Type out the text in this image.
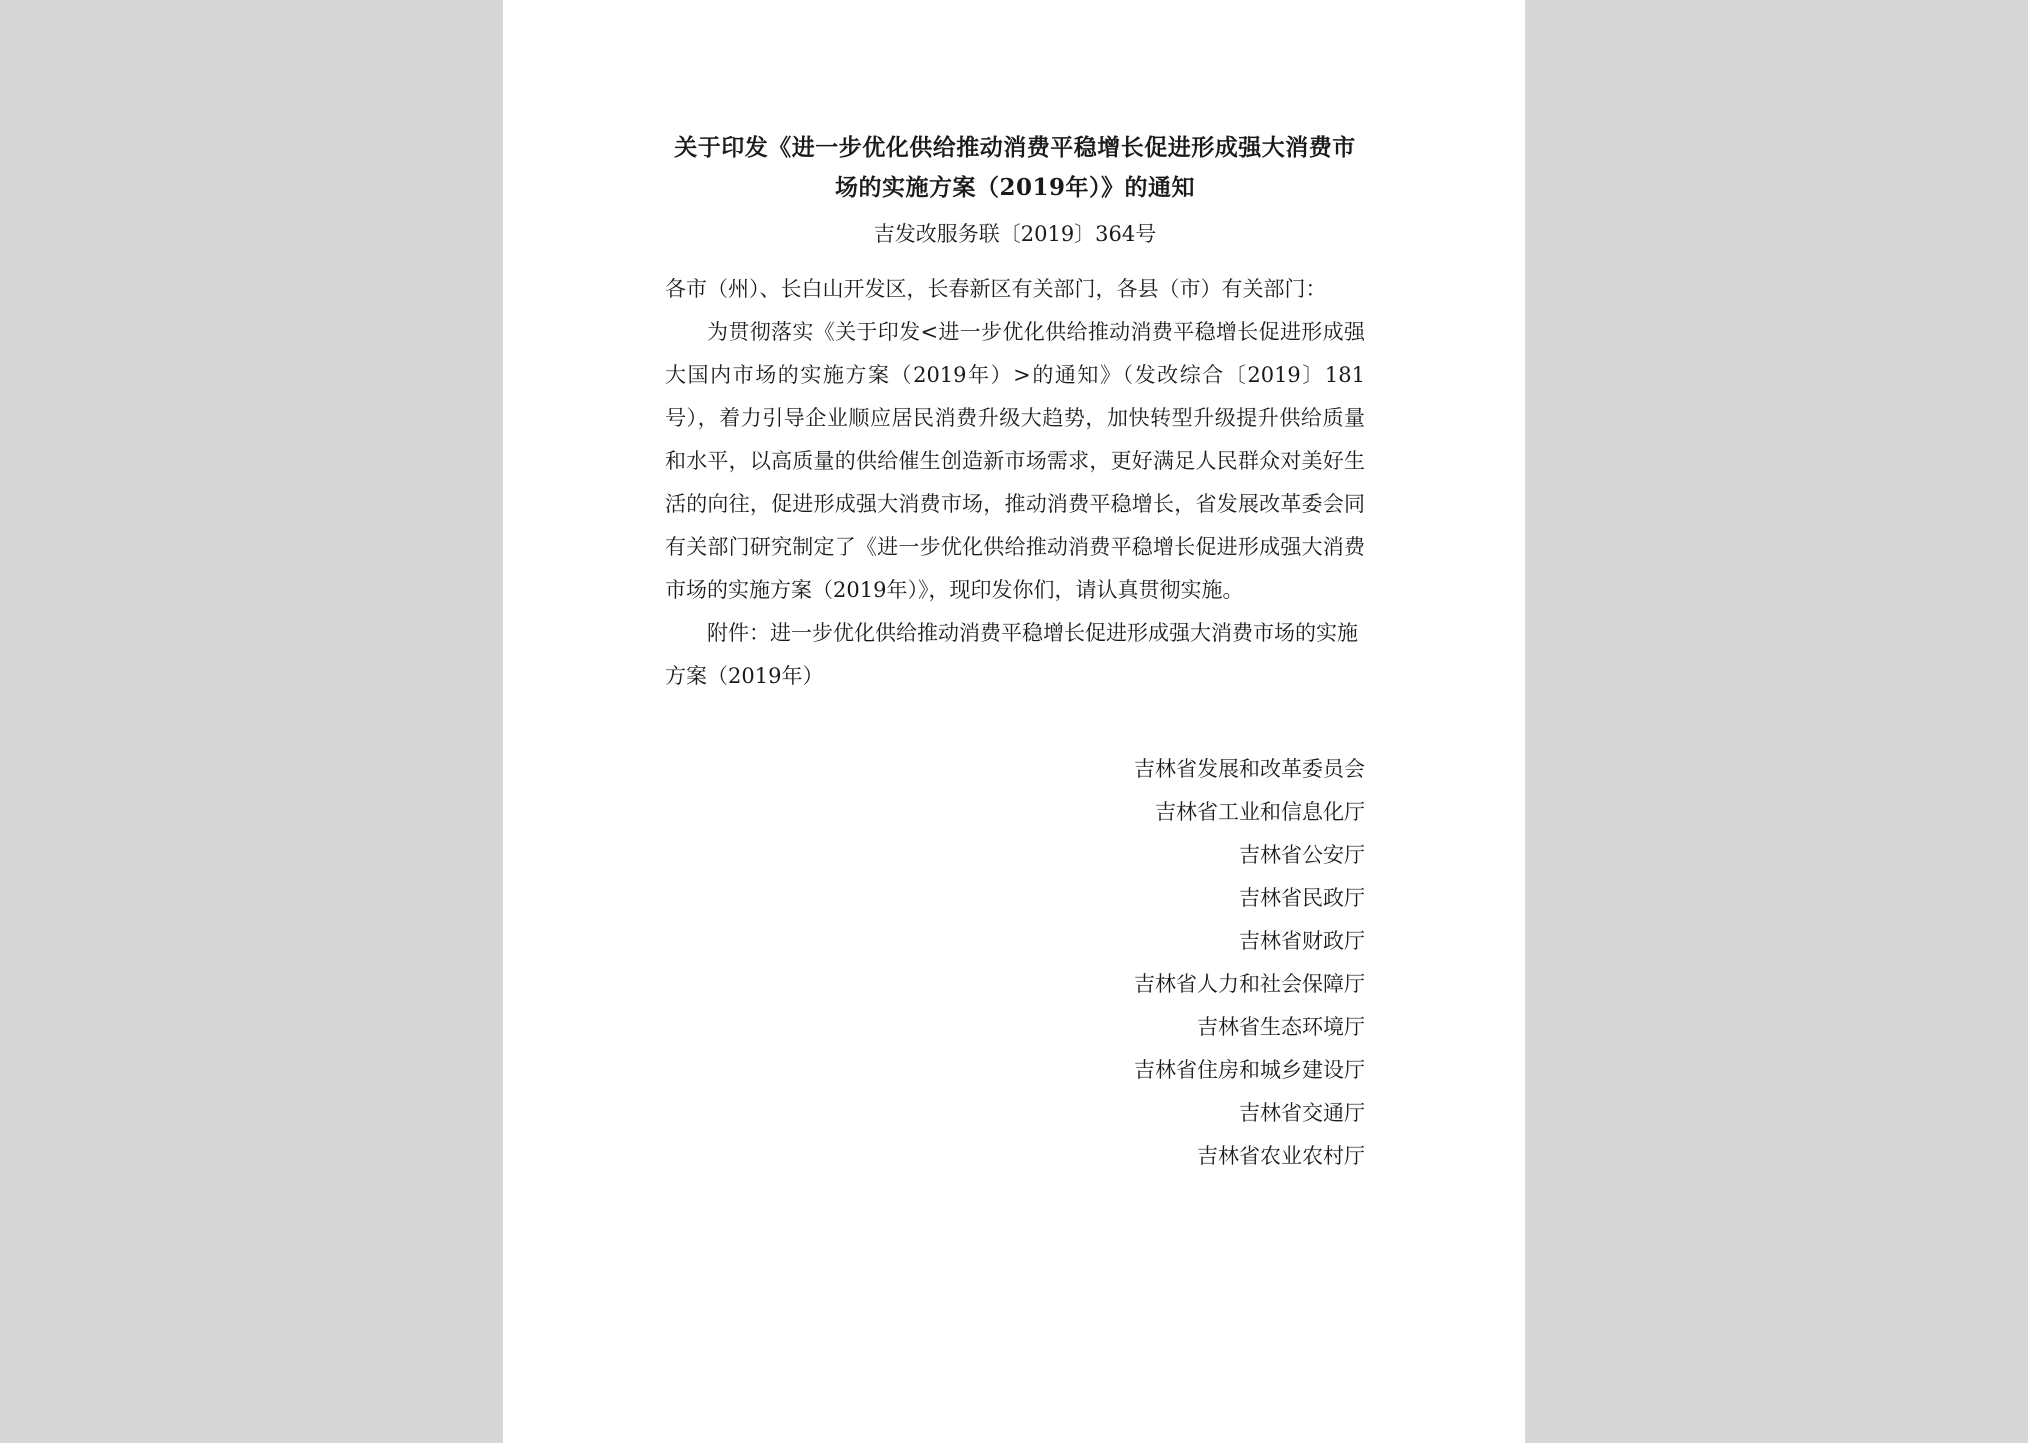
关于印发《进一步优化供给推动消费平稳增长促进形成强大消费市场的实施方案（2019年）》的通知
吉发改服务联〔2019〕364号

各市（州）、长白山开发区，长春新区有关部门，各县（市）有关部门：

为贯彻落实《关于印发<进一步优化供给推动消费平稳增长促进形成强大国内市场的实施方案（2019年）>的通知》（发改综合〔2019〕181号），着力引导企业顺应居民消费升级大趋势，加快转型升级提升供给质量和水平，以高质量的供给催生创造新市场需求，更好满足人民群众对美好生活的向往，促进形成强大消费市场，推动消费平稳增长，省发展改革委会同有关部门研究制定了《进一步优化供给推动消费平稳增长促进形成强大消费市场的实施方案（2019年）》，现印发你们，请认真贯彻实施。

附件：进一步优化供给推动消费平稳增长促进形成强大消费市场的实施方案（2019年）

吉林省发展和改革委员会
吉林省工业和信息化厅
吉林省公安厅
吉林省民政厅
吉林省财政厅
吉林省人力和社会保障厅
吉林省生态环境厅
吉林省住房和城乡建设厅
吉林省交通厅
吉林省农业农村厅
